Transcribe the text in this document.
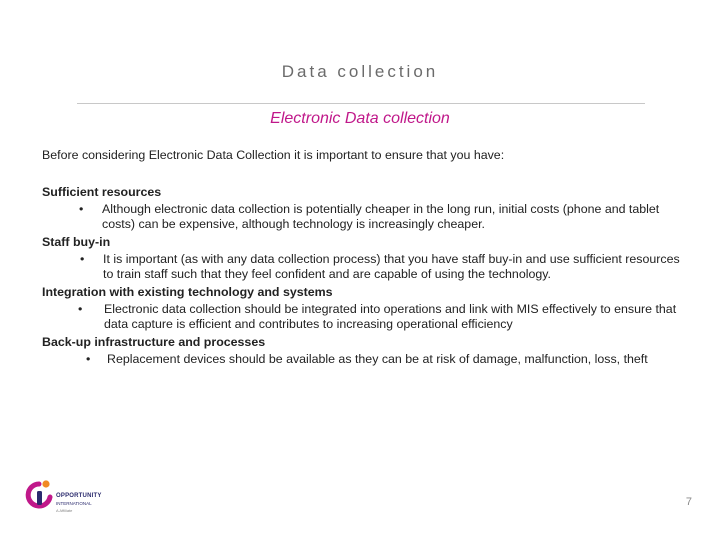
Data collection
Electronic Data collection

Before considering Electronic Data Collection it is important to ensure that you have:

Sufficient resources
•	Although electronic data collection is potentially cheaper in the long run, initial costs (phone and tablet costs) can be expensive, although technology is increasingly cheaper.
Staff buy-in
•	It is important (as with any data collection process) that you have staff buy-in and use sufficient resources to train staff such that they feel confident and are capable of using the technology.
Integration with existing technology and systems
•	Electronic data collection should be integrated into operations and link with MIS effectively to ensure that data capture is efficient and contributes to increasing operational efficiency
Back-up infrastructure and processes
•	Replacement devices should be available as they can be at risk of damage, malfunction, loss, theft
OPPORTUNITY
INTERNATIONAL
A Affiliate
7
